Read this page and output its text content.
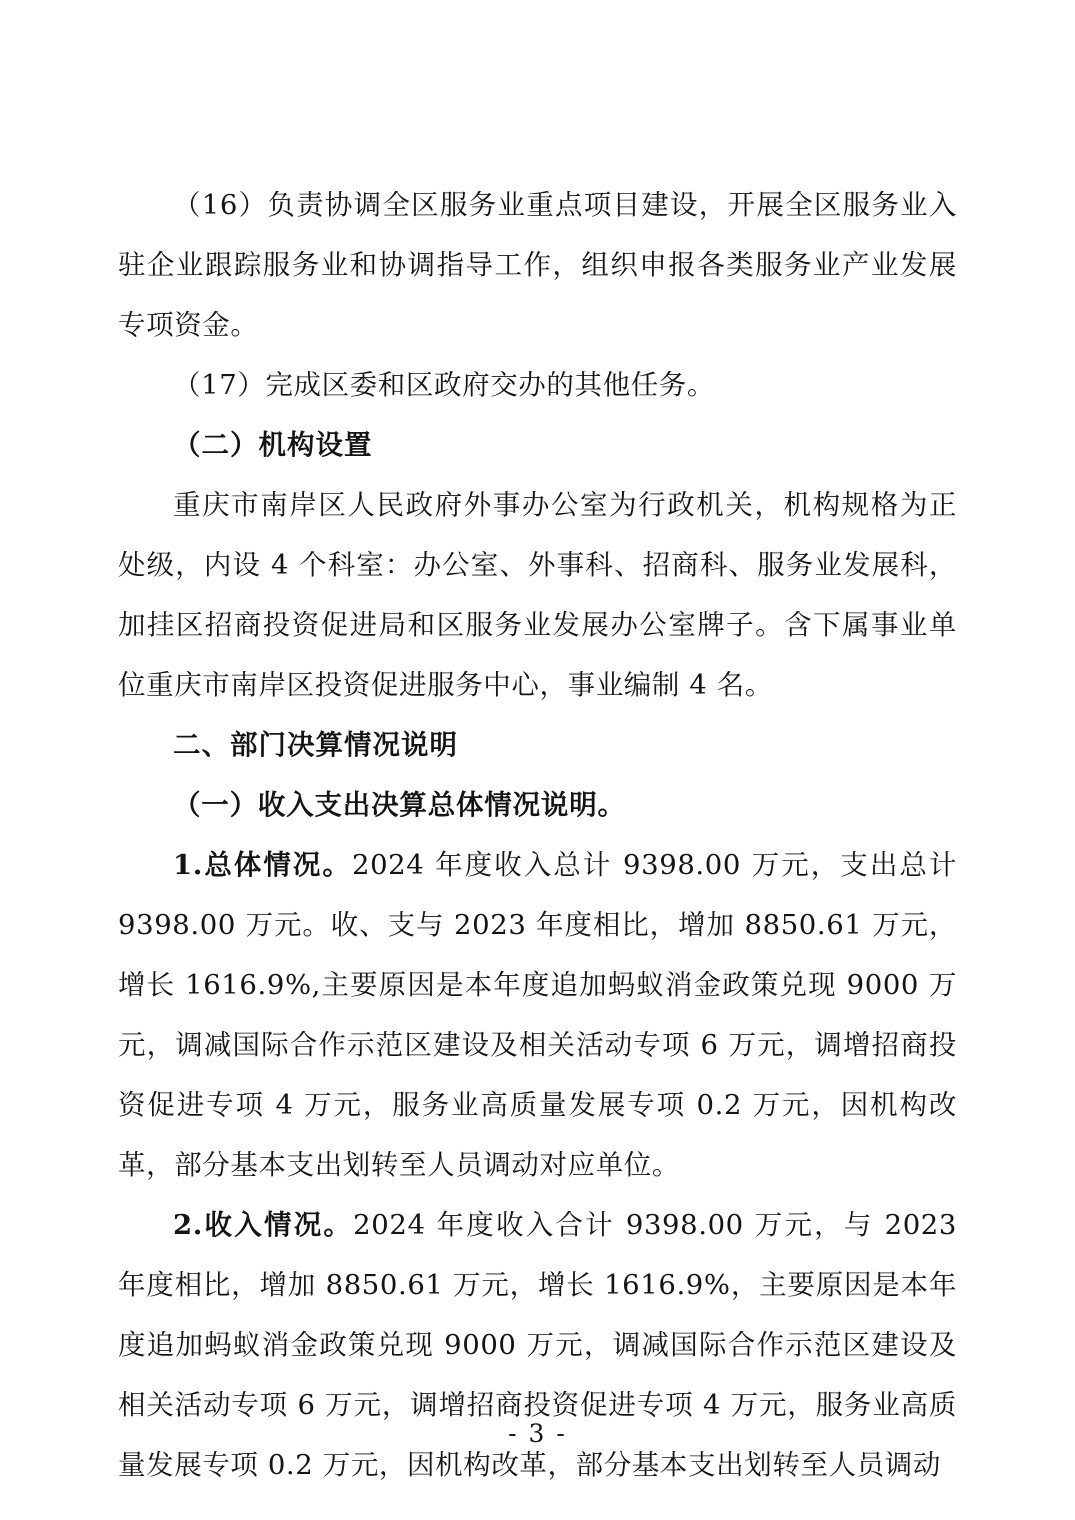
（16）负责协调全区服务业重点项目建设，开展全区服务业入驻企业跟踪服务业和协调指导工作，组织申报各类服务业产业发展专项资金。

（17）完成区委和区政府交办的其他任务。

（二）机构设置

重庆市南岸区人民政府外事办公室为行政机关，机构规格为正处级，内设 4 个科室：办公室、外事科、招商科、服务业发展科，加挂区招商投资促进局和区服务业发展办公室牌子。含下属事业单位重庆市南岸区投资促进服务中心，事业编制 4 名。

二、部门决算情况说明

（一）收入支出决算总体情况说明。

1.总体情况。2024 年度收入总计 9398.00 万元，支出总计 9398.00 万元。收、支与 2023 年度相比，增加 8850.61 万元，增长 1616.9%,主要原因是本年度追加蚂蚁消金政策兑现 9000 万元，调减国际合作示范区建设及相关活动专项 6 万元，调增招商投资促进专项 4 万元，服务业高质量发展专项 0.2 万元，因机构改革，部分基本支出划转至人员调动对应单位。

2.收入情况。2024 年度收入合计 9398.00 万元，与 2023 年度相比，增加 8850.61 万元，增长 1616.9%，主要原因是本年度追加蚂蚁消金政策兑现 9000 万元，调减国际合作示范区建设及相关活动专项 6 万元，调增招商投资促进专项 4 万元，服务业高质量发展专项 0.2 万元，因机构改革，部分基本支出划转至人员调动

- 3 -
